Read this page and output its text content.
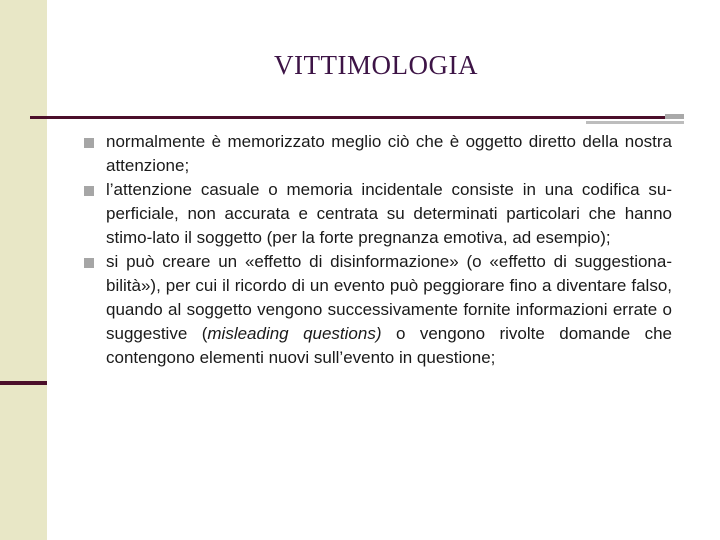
VITTIMOLOGIA
normalmente è memorizzato meglio ciò che è oggetto diretto della nostra attenzione;
l’attenzione casuale o memoria incidentale consiste in una codifica su-perficiale, non accurata e centrata su determinati particolari che hanno stimo-lato il soggetto (per la forte pregnanza emotiva, ad esempio);
si può creare un «effetto di disinformazione» (o «effetto di suggestiona-bilità»), per cui il ricordo di un evento può peggiorare fino a diventare falso, quando al soggetto vengono successivamente fornite informazioni errate o suggestive (misleading questions) o vengono rivolte domande che contengono elementi nuovi sull’evento in questione;
